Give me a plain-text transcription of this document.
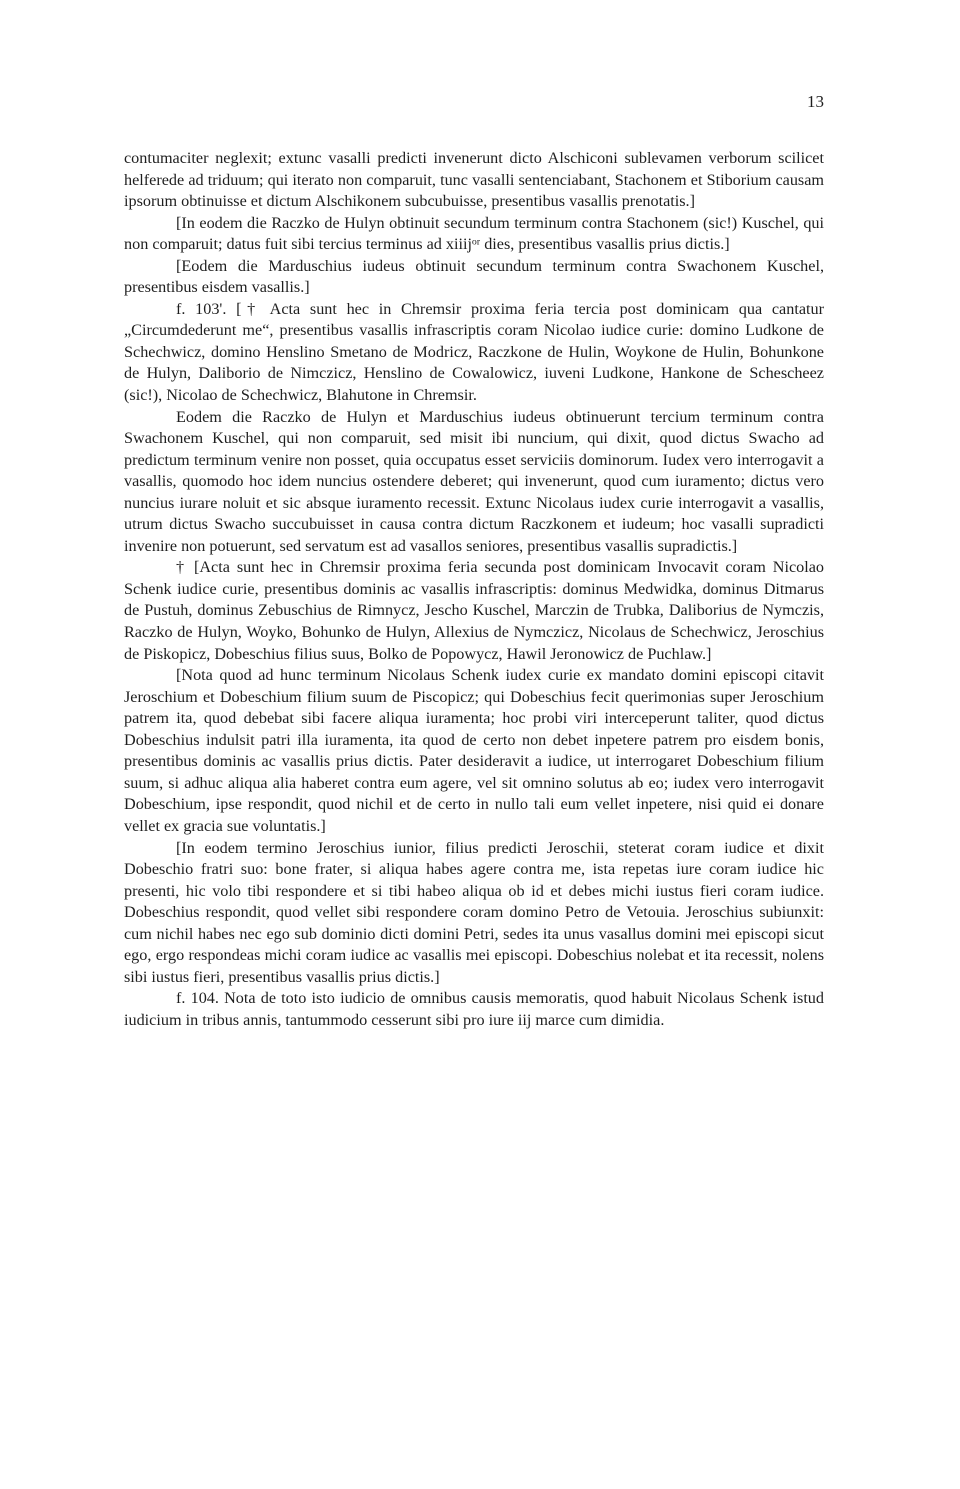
13
contumaciter neglexit; extunc vasalli predicti invenerunt dicto Alschiconi sublevamen verborum scilicet helferede ad triduum; qui iterato non comparuit, tunc vasalli sentenciabant, Stachonem et Stiborium causam ipsorum obtinuisse et dictum Alschikonem subcubuisse, presentibus vasallis prenotatis.]
[In eodem die Raczko de Hulyn obtinuit secundum terminum contra Stachonem (sic!) Kuschel, qui non comparuit; datus fuit sibi tercius terminus ad xiiijᵒʳ dies, presentibus vasallis prius dictis.]
[Eodem die Marduschius iudeus obtinuit secundum terminum contra Swachonem Kuschel, presentibus eisdem vasallis.]
f. 103'. [† Acta sunt hec in Chremsir proxima feria tercia post dominicam qua cantatur „Circumdederunt me“, presentibus vasallis infrascriptis coram Nicolao iudice curie: domino Ludkone de Schechwicz, domino Henslino Smetano de Modricz, Raczkone de Hulin, Woykone de Hulin, Bohunkone de Hulyn, Daliborio de Nimczicz, Henslino de Cowalowicz, iuveni Ludkone, Hankone de Schescheez (sic!), Nicolao de Schechwicz, Blahutone in Chremsir.
Eodem die Raczko de Hulyn et Marduschius iudeus obtinuerunt tercium terminum contra Swachonem Kuschel, qui non comparuit, sed misit ibi nuncium, qui dixit, quod dictus Swacho ad predictum terminum venire non posset, quia occupatus esset serviciis dominorum. Iudex vero interrogavit a vasallis, quomodo hoc idem nuncius ostendere deberet; qui invenerunt, quod cum iuramento; dictus vero nuncius iurare noluit et sic absque iuramento recessit. Extunc Nicolaus iudex curie interrogavit a vasallis, utrum dictus Swacho succubuisset in causa contra dictum Raczkonem et iudeum; hoc vasalli supradicti invenire non potuerunt, sed servatum est ad vasallos seniores, presentibus vasallis supradictis.]
† [Acta sunt hec in Chremsir proxima feria secunda post dominicam Invocavit coram Nicolao Schenk iudice curie, presentibus dominis ac vasallis infrascriptis: dominus Medwidka, dominus Ditmarus de Pustuh, dominus Zebuschius de Rimnycz, Jescho Kuschel, Marczin de Trubka, Daliborius de Nymczis, Raczko de Hulyn, Woyko, Bohunko de Hulyn, Allexius de Nymczicz, Nicolaus de Schechwicz, Jeroschius de Piskopicz, Dobeschius filius suus, Bolko de Popowycz, Hawil Jeronowicz de Puchlaw.]
[Nota quod ad hunc terminum Nicolaus Schenk iudex curie ex mandato domini episcopi citavit Jeroschium et Dobeschium filium suum de Piscopicz; qui Dobeschius fecit querimonias super Jeroschium patrem ita, quod debebat sibi facere aliqua iuramenta; hoc probi viri interceperunt taliter, quod dictus Dobeschius indulsit patri illa iuramenta, ita quod de certo non debet inpetere patrem pro eisdem bonis, presentibus dominis ac vasallis prius dictis. Pater desideravit a iudice, ut interrogaret Dobeschium filium suum, si adhuc aliqua alia haberet contra eum agere, vel sit omnino solutus ab eo; iudex vero interrogavit Dobeschium, ipse respondit, quod nichil et de certo in nullo tali eum vellet inpetere, nisi quid ei donare vellet ex gracia sue voluntatis.]
[In eodem termino Jeroschius iunior, filius predicti Jeroschii, steterat coram iudice et dixit Dobeschio fratri suo: bone frater, si aliqua habes agere contra me, ista repetas iure coram iudice hic presenti, hic volo tibi respondere et si tibi habeo aliqua ob id et debes michi iustus fieri coram iudice. Dobeschius respondit, quod vellet sibi respondere coram domino Petro de Vetouia. Jeroschius subiunxit: cum nichil habes nec ego sub dominio dicti domini Petri, sedes ita unus vasallus domini mei episcopi sicut ego, ergo respondeas michi coram iudice ac vasallis mei episcopi. Dobeschius nolebat et ita recessit, nolens sibi iustus fieri, presentibus vasallis prius dictis.]
f. 104. Nota de toto isto iudicio de omnibus causis memoratis, quod habuit Nicolaus Schenk istud iudicium in tribus annis, tantummodo cesserunt sibi pro iure iij marce cum dimidia.
